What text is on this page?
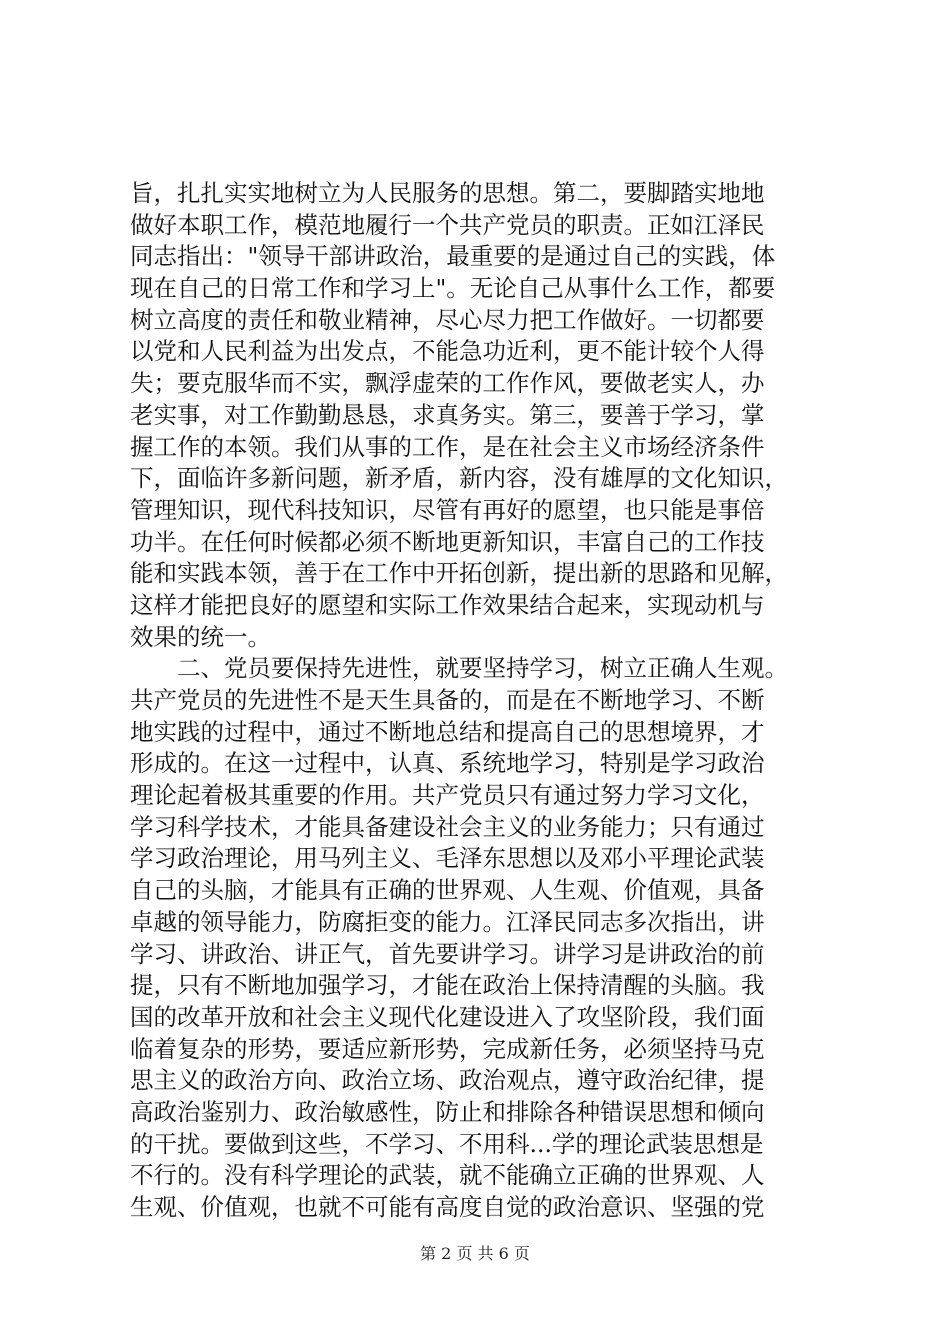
旨，扎扎实实地树立为人民服务的思想。第二，要脚踏实地地
做好本职工作，模范地履行一个共产党员的职责。正如江泽民
同志指出："领导干部讲政治，最重要的是通过自己的实践，体
现在自己的日常工作和学习上"。无论自己从事什么工作，都要
树立高度的责任和敬业精神，尽心尽力把工作做好。一切都要
以党和人民利益为出发点，不能急功近利，更不能计较个人得
失；要克服华而不实，飘浮虚荣的工作作风，要做老实人，办
老实事，对工作勤勤恳恳，求真务实。第三，要善于学习，掌
握工作的本领。我们从事的工作，是在社会主义市场经济条件
下，面临许多新问题，新矛盾，新内容，没有雄厚的文化知识，
管理知识，现代科技知识，尽管有再好的愿望，也只能是事倍
功半。在任何时候都必须不断地更新知识，丰富自己的工作技
能和实践本领，善于在工作中开拓创新，提出新的思路和见解，
这样才能把良好的愿望和实际工作效果结合起来，实现动机与
效果的统一。
　　二、党员要保持先进性，就要坚持学习，树立正确人生观。
共产党员的先进性不是天生具备的，而是在不断地学习、不断
地实践的过程中，通过不断地总结和提高自己的思想境界，才
形成的。在这一过程中，认真、系统地学习，特别是学习政治
理论起着极其重要的作用。共产党员只有通过努力学习文化，
学习科学技术，才能具备建设社会主义的业务能力；只有通过
学习政治理论，用马列主义、毛泽东思想以及邓小平理论武装
自己的头脑，才能具有正确的世界观、人生观、价值观，具备
卓越的领导能力，防腐拒变的能力。江泽民同志多次指出，讲
学习、讲政治、讲正气，首先要讲学习。讲学习是讲政治的前
提，只有不断地加强学习，才能在政治上保持清醒的头脑。我
国的改革开放和社会主义现代化建设进入了攻坚阶段，我们面
临着复杂的形势，要适应新形势，完成新任务，必须坚持马克
思主义的政治方向、政治立场、政治观点，遵守政治纪律，提
高政治鉴别力、政治敏感性，防止和排除各种错误思想和倾向
的干扰。要做到这些，不学习、不用科...学的理论武装思想是
不行的。没有科学理论的武装，就不能确立正确的世界观、人
生观、价值观，也就不可能有高度自觉的政治意识、坚强的党
第 2 页 共 6 页
